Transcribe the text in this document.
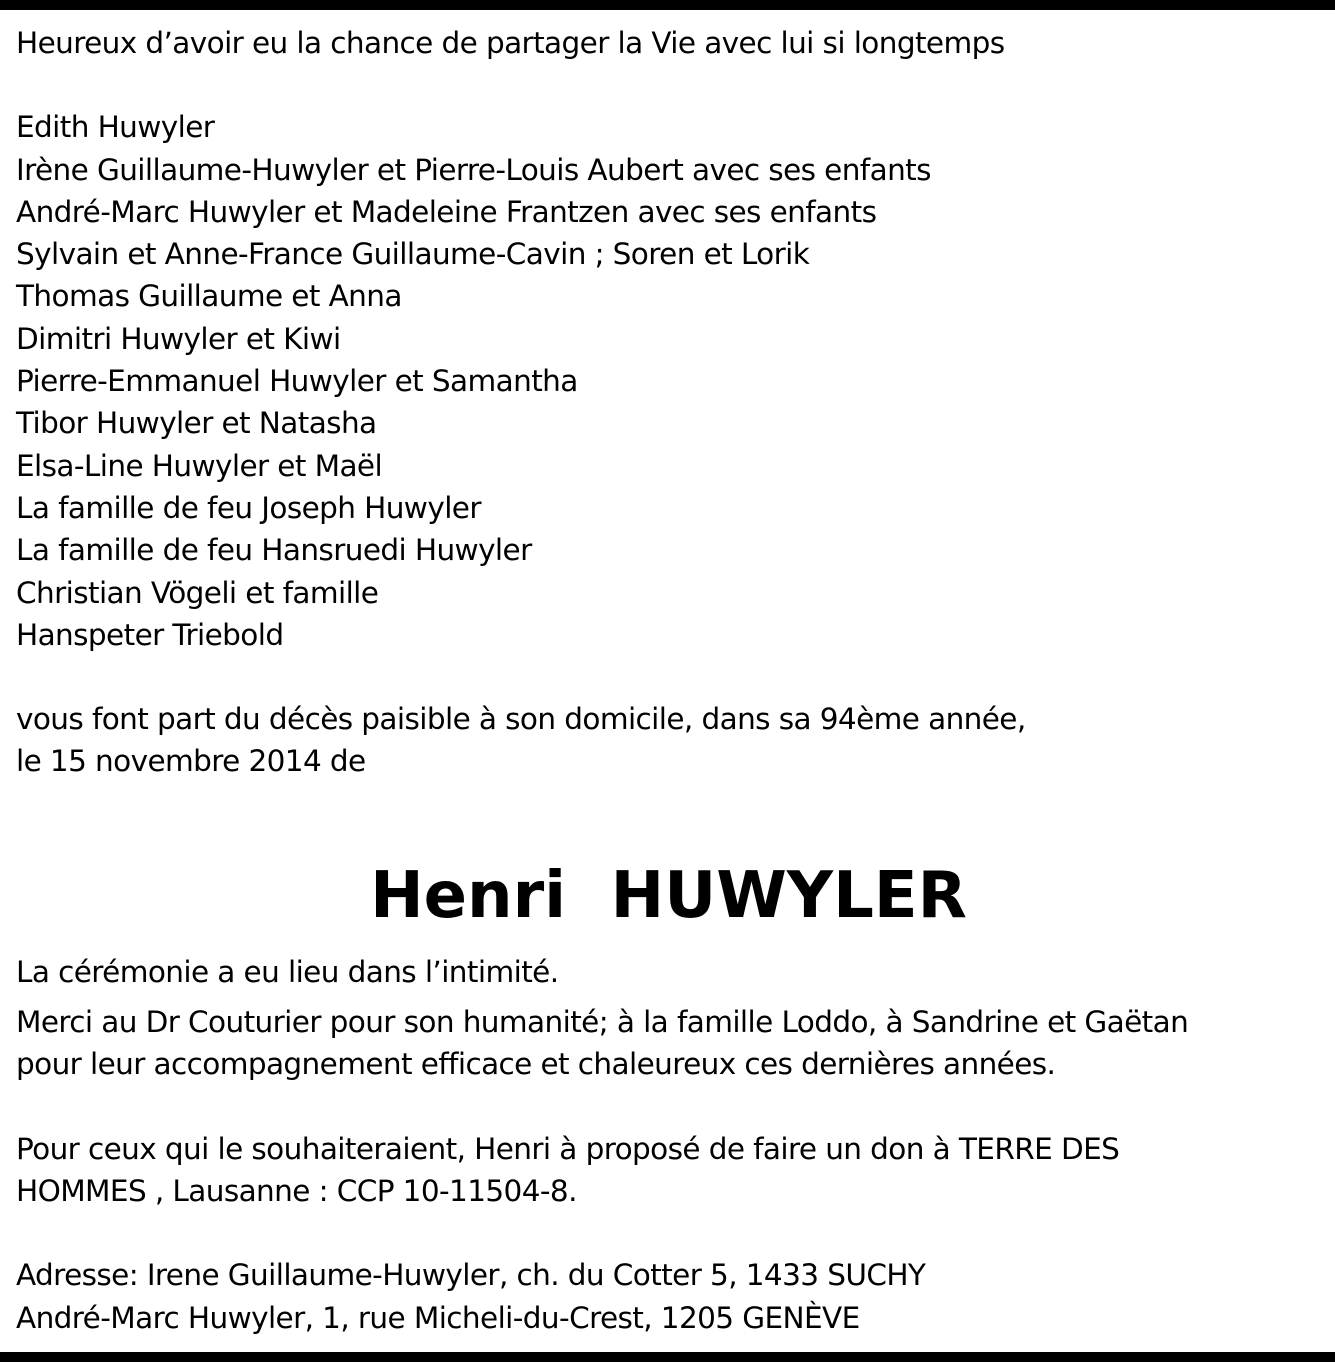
Heureux d’avoir eu la chance de partager la Vie avec lui si longtemps
Edith Huwyler
Irène Guillaume-Huwyler et Pierre-Louis Aubert avec ses enfants
André-Marc Huwyler et Madeleine Frantzen avec ses enfants
Sylvain et Anne-France Guillaume-Cavin ; Soren et Lorik
Thomas Guillaume et Anna
Dimitri Huwyler et Kiwi
Pierre-Emmanuel Huwyler et Samantha
Tibor Huwyler et Natasha
Elsa-Line Huwyler et Maël
La famille de feu Joseph Huwyler
La famille de feu Hansruedi Huwyler
Christian Vögeli et famille
Hanspeter Triebold
vous font part du décès paisible à son domicile, dans sa 94ème année,
le 15 novembre 2014 de
Henri  HUWYLER
La cérémonie a eu lieu dans l’intimité.
Merci au Dr Couturier pour son humanité; à la famille Loddo, à Sandrine et Gaëtan
pour leur accompagnement efficace et chaleureux ces dernières années.
Pour ceux qui le souhaiteraient, Henri à proposé de faire un don à TERRE DES
HOMMES , Lausanne : CCP 10-11504-8.
Adresse: Irene Guillaume-Huwyler, ch. du Cotter 5, 1433 SUCHY
André-Marc Huwyler, 1, rue Micheli-du-Crest, 1205 GENÈVE
